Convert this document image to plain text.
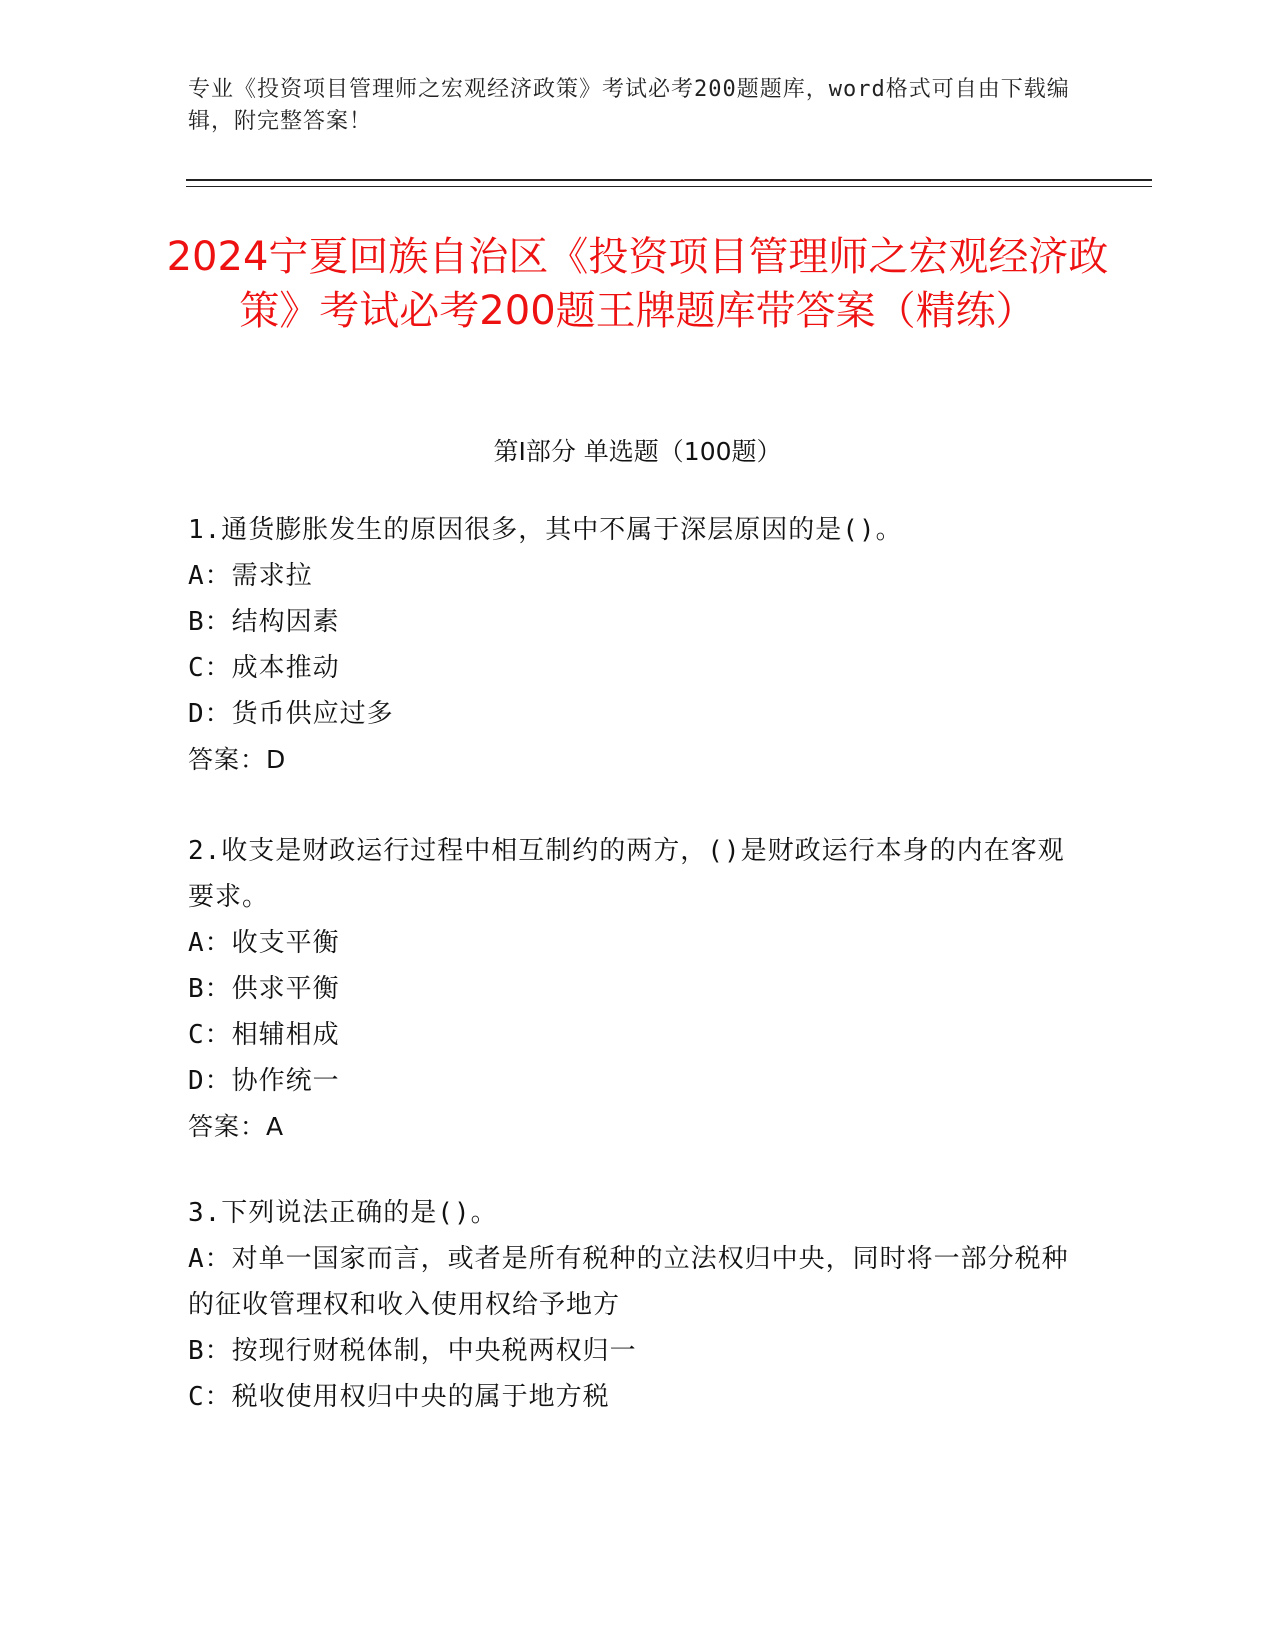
专业《投资项目管理师之宏观经济政策》考试必考200题题库，word格式可自由下载编辑，附完整答案！
2024宁夏回族自治区《投资项目管理师之宏观经济政策》考试必考200题王牌题库带答案（精练）
第I部分 单选题（100题）
1.通货膨胀发生的原因很多，其中不属于深层原因的是()。
A：需求拉
B：结构因素
C：成本推动
D：货币供应过多
答案：D
2.收支是财政运行过程中相互制约的两方，()是财政运行本身的内在客观要求。
A：收支平衡
B：供求平衡
C：相辅相成
D：协作统一
答案：A
3.下列说法正确的是()。
A：对单一国家而言，或者是所有税种的立法权归中央，同时将一部分税种的征收管理权和收入使用权给予地方
B：按现行财税体制，中央税两权归一
C：税收使用权归中央的属于地方税
